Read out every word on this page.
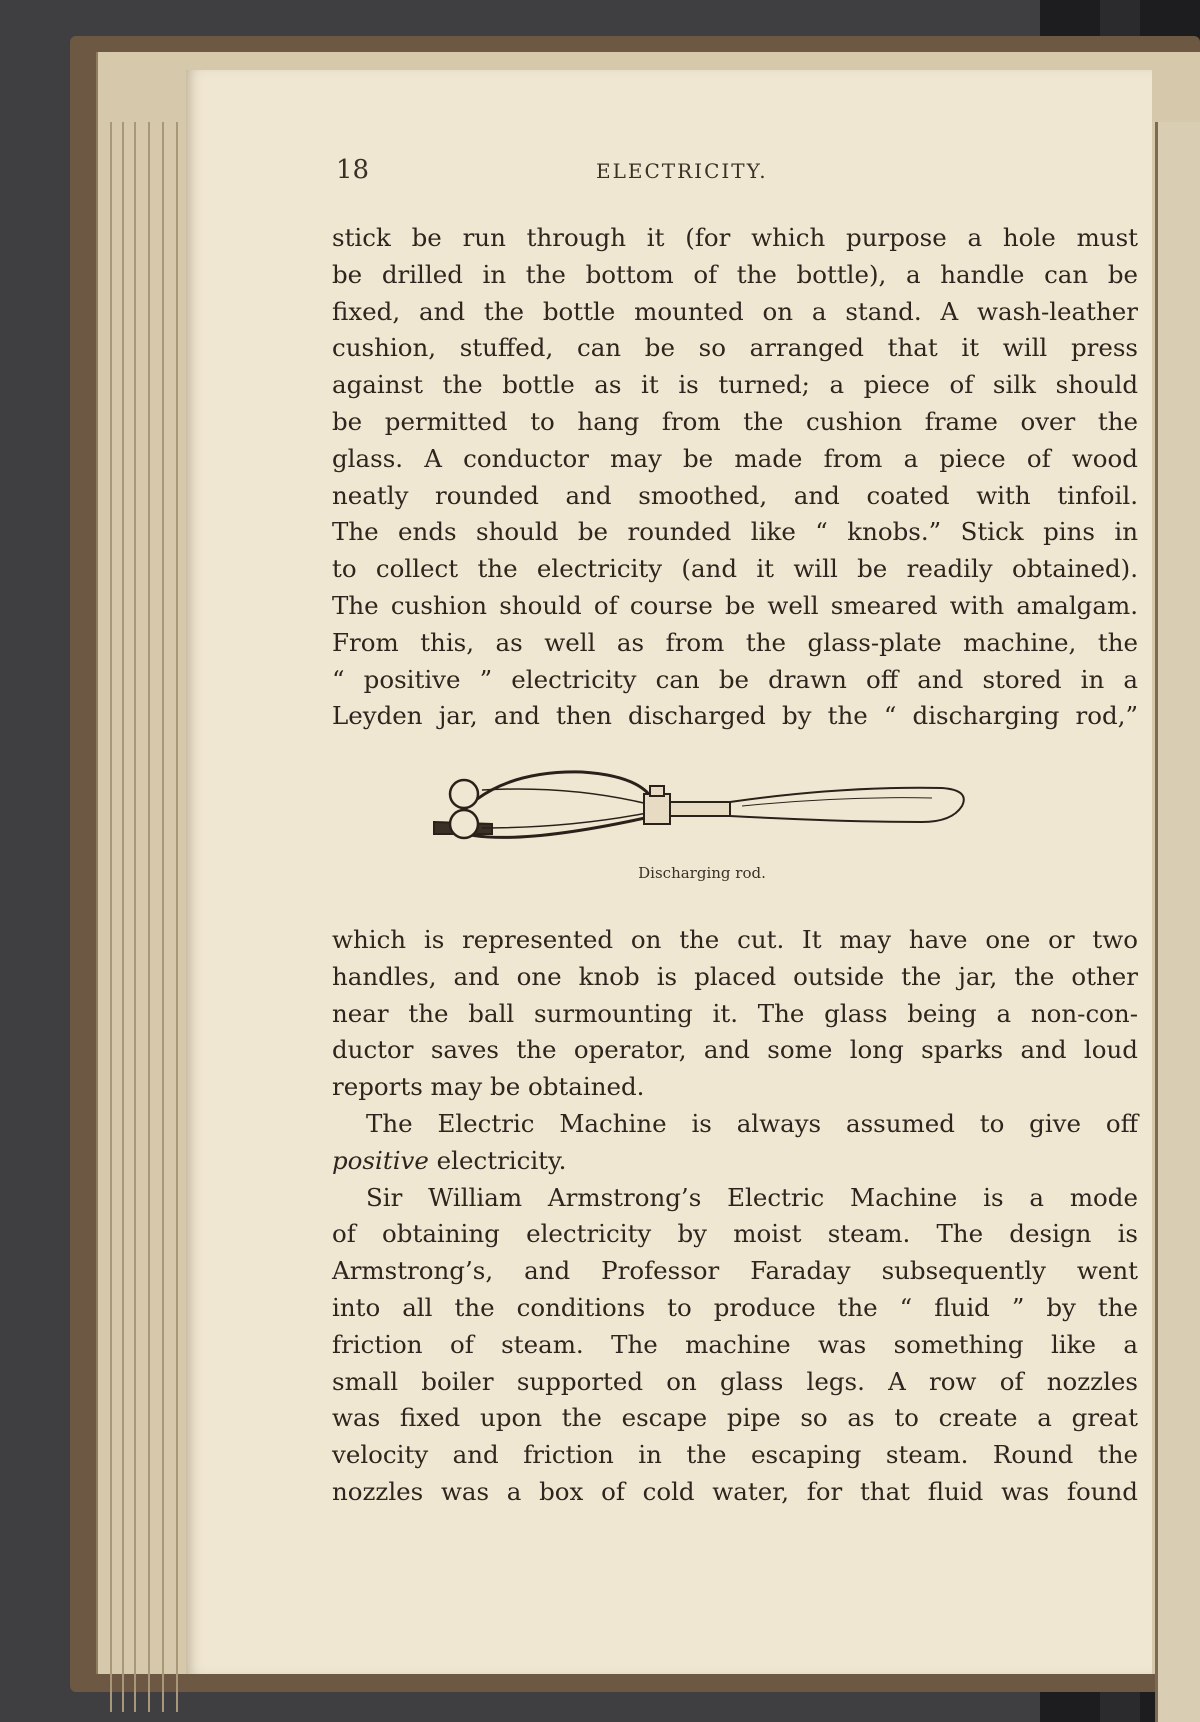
18	ELECTRICITY.
stick be run through it (for which purpose a hole must
be drilled in the bottom of the bottle), a handle can be
fixed, and the bottle mounted on a stand. A wash-leather
cushion, stuffed, can be so arranged that it will press
against the bottle as it is turned; a piece of silk should
be permitted to hang from the cushion frame over the
glass. A conductor may be made from a piece of wood
neatly rounded and smoothed, and coated with tinfoil.
The ends should be rounded like “ knobs.” Stick pins in
to collect the electricity (and it will be readily obtained).
The cushion should of course be well smeared with amalgam.
From this, as well as from the glass-plate machine, the
“ positive ” electricity can be drawn off and stored in a
Leyden jar, and then discharged by the “ discharging rod,”
Discharging rod.
which is represented on the cut. It may have one or two
handles, and one knob is placed outside the jar, the other
near the ball surmounting it. The glass being a non-con-
ductor saves the operator, and some long sparks and loud
reports may be obtained.
The Electric Machine is always assumed to give off
positive electricity.
Sir William Armstrong’s Electric Machine is a mode
of obtaining electricity by moist steam. The design is
Armstrong’s, and Professor Faraday subsequently went
into all the conditions to produce the “ fluid ” by the
friction of steam. The machine was something like a
small boiler supported on glass legs. A row of nozzles
was fixed upon the escape pipe so as to create a great
velocity and friction in the escaping steam. Round the
nozzles was a box of cold water, for that fluid was found
